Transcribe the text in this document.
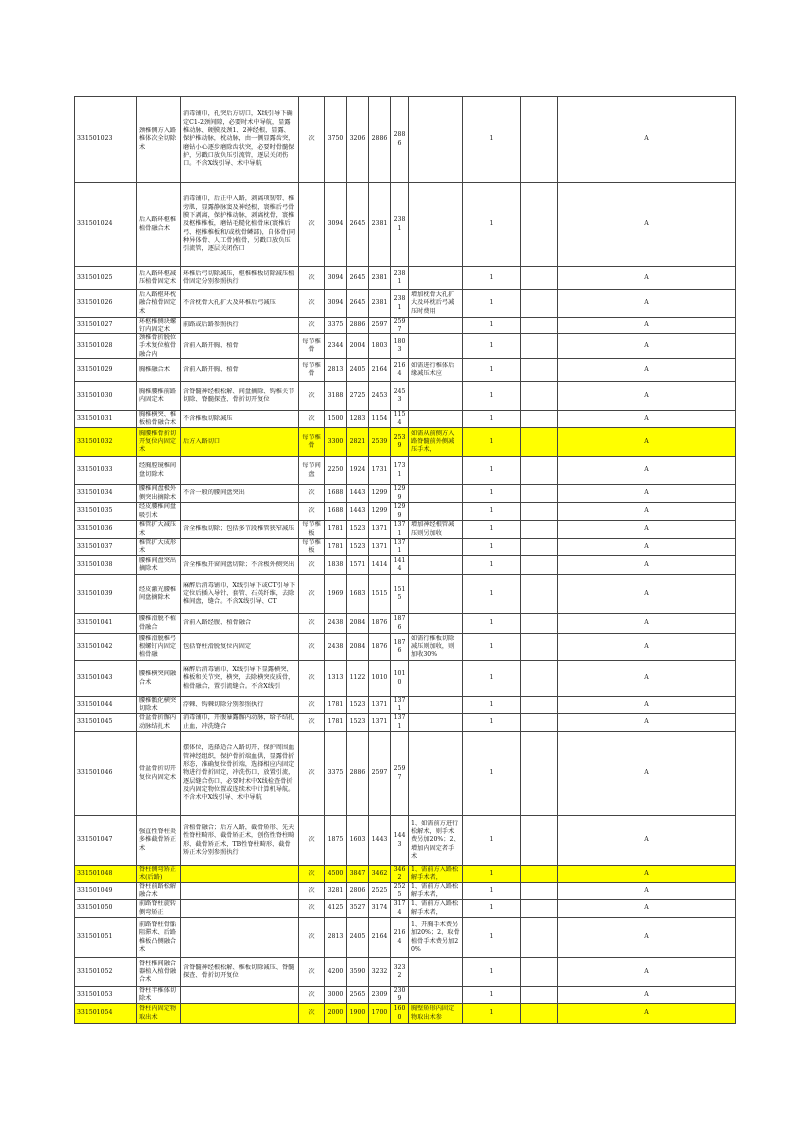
331501023	颈椎侧方入路椎体次全切除术	消毒铺巾，孔突后方切口，X线引导下确定C1-2颈间隙，必要时术中导航，显露椎动脉、硬膜及颈1、2神经根，显露、保护椎动脉，枕动脉，由一侧显露齿突，磨钻小心逐步磨除齿状突，必要时骨髓保护，另戳口放负压引流管，逐层关闭伤口。不含X线引导、术中导航	次	3750	3206	2886	2886		1		A

331501024	后入路环枢椎植骨融合术	消毒铺巾，后正中入路，剥离项韧带、椎旁肌，显露静脉窦及神经根，寰椎后弓骨膜下剥离，保护椎动脉，剥离枕骨，寰椎及枢椎椎板，磨钻毛糙化植骨床(寰椎后弓、枢椎椎板和/或枕骨鳞部)，自体骨(同种异体骨、人工骨)植骨，另戳口放负压引流管，逐层关闭伤口	次	3094	2645	2381	2381		1		A

331501025	后入路环枢减压植骨固定术	环椎后弓切除减压，枢椎椎板切除减压植骨固定分别参照执行	次	3094	2645	2381	2381		1		A

331501026	后入路枢环枕融合植骨固定术	不含枕骨大孔扩大及环椎后弓减压	次	3094	2645	2381	2381	增加枕骨大孔扩大及环枕后弓减压时费用	1		A

331501027	环枢椎侧块螺钉内固定术	前路或后路参照执行	次	3375	2886	2597	2597		1		A

331501028	颈椎骨折脱位手术复位植骨融合内	含前入路开胸、植骨	每节椎骨	2344	2004	1803	1803		1		A

331501029	胸椎融合术	含前入路开胸、植骨	每节椎骨	2813	2405	2164	2164	如需进行椎体后缘减压术应	1		A

331501030	胸椎腰椎前路内固定术	含脊髓神经根松解、间盘摘除、钩椎关节切除、脊髓探查、骨折切开复位	次	3188	2725	2453	2453		1		A

331501031	胸椎横突、椎板植骨融合术	不含椎板切除减压	次	1500	1283	1154	1154		1		A

331501032	胸腰椎骨折切开复位内固定术	后方入路切口	每节椎骨	3300	2821	2539	2539	如需从前侧方入路脊髓前外侧减压手术，	1		A

331501033	经胸腔镜椎间盘切除术		每节间盘	2250	1924	1731	1731		1		A

331501034	腰椎间盘极外侧突出摘除术	不含一般的腰间盘突出	次	1688	1443	1299	1299		1		A

331501035	经皮腰椎间盘吸引术		次	1688	1443	1299	1299		1		A

331501036	椎管扩大减压术	含全椎板切除；包括多节段椎管狭窄减压	每节椎板	1781	1523	1371	1371	增加神经根管减压则另加收	1		A

331501037	椎管扩大成形术		每节椎板	1781	1523	1371	1371		1		A

331501038	腰椎间盘突出摘除术	含全椎板开窗间盘切除；不含极外侧突出	次	1838	1571	1414	1414		1		A

331501039	经皮激光腰椎间盘摘除术	麻醉后消毒铺巾，X线引导下或CT引导下定位后插入导针、套管、石英纤维，去除椎间盘，缝合。不含X线引导、CT	次	1969	1683	1515	1515		1		A

331501041	腰椎滑脱不植骨融合	含前入路经腹、植骨融合	次	2438	2084	1876	1876		1		A

331501042	腰椎滑脱椎弓根螺钉内固定植骨融	包括脊柱滑脱复位内固定	次	2438	2084	1876	1876	如需行椎板切除减压则加收，则加收30%	1		A

331501043	腰椎横突间融合术	麻醉后消毒铺巾，X线引导下显露横突、椎板和关节突，横突，去除横突皮质骨，植骨融合，置引流缝合。不含X线引	次	1313	1122	1010	1010		1		A

331501044	腰椎骶化横突切除术	浮棘、钩棘切除分别参照执行	次	1781	1523	1371	1371		1		A

331501045	骨盆骨折髂内动脉结扎术	消毒铺巾，开腹暴露髂内动脉，给予结扎止血，冲洗缝合	次	1781	1523	1371	1371		1		A

331501046	骨盆骨折切开复位内固定术	摆体位，选择适合入路切开，保护周围血管神经组织，保护骨折端血供，显露骨折形态，准确复位骨折端，选择相应内固定物进行骨折固定，冲洗伤口，放置引流，逐层缝合伤口，必要时术中X线检查骨折及内固定物位置或连续术中计算机导航。不含术中X线引导、术中导航	次	3375	2886	2597	2597		1		A

331501047	强直性脊柱炎多椎截骨矫正术	含植骨融合；后方入路，截骨矫形、先天性脊柱畸形、截骨矫正术，创伤性脊柱畸形、截骨矫正术，TB性脊柱畸形、截骨矫正术分别参照执行	次	1875	1603	1443	1443	1、如需前方进行松解术，则手术费另加20%；2、增加内固定者手术	1		A

331501048	脊柱侧弯矫正术(后路)		次	4500	3847	3462	3462	1、需前方入路松解手术者，	1		A

331501049	脊柱前路松解融合术		次	3281	2806	2525	2525	1、需前方入路松解手术者，	1		A

331501050	前路脊柱旋转侧弯矫正		次	4125	3527	3174	3174	1、需前方入路松解手术者，	1		A

331501051	前路脊柱骨骺阻滞术、后路椎板凸侧融合术		次	2813	2405	2164	2164	1、开胸手术费另加20%；2、取骨植骨手术费另加20%	1		A

331501052	脊柱椎间融合器植入植骨融合术	含脊髓神经根松解、椎板切除减压、脊髓探查、骨折切开复位	次	4200	3590	3232	3232		1		A

331501053	脊柱半椎体切除术		次	3000	2565	2309	2309		1		A

331501054	脊柱内固定物取出术		次	2000	1900	1700	1600	胸壁矫形内固定物取出术参	1		A
